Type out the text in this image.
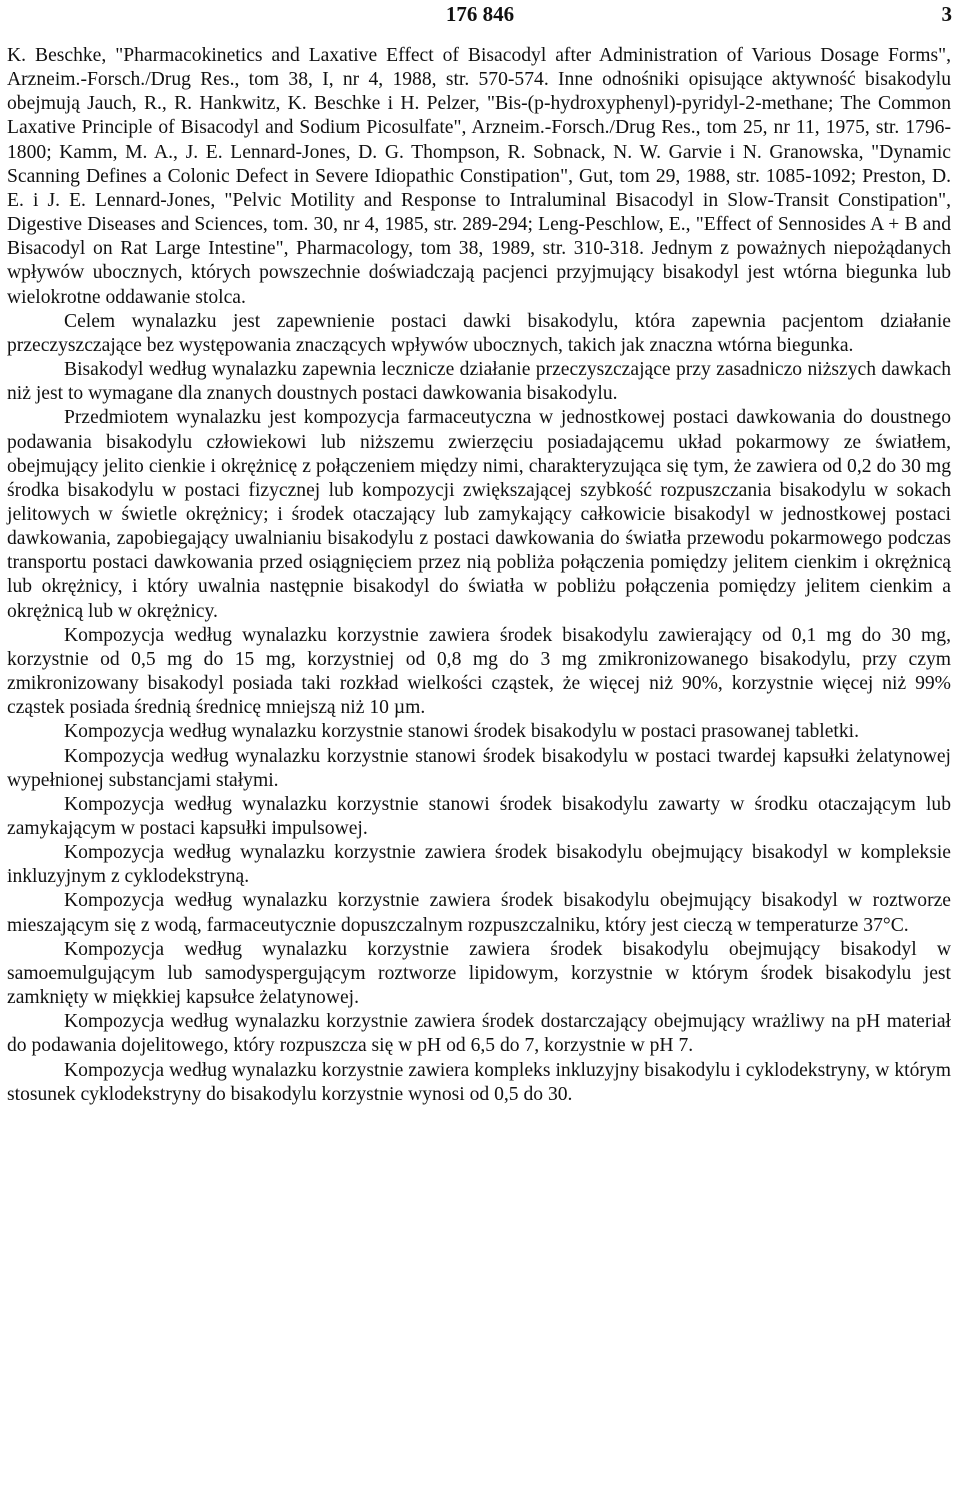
176 846	3

K. Beschke, "Pharmacokinetics and Laxative Effect of Bisacodyl after Administration of Various Dosage Forms", Arzneim.-Forsch./Drug Res., tom 38, I, nr 4, 1988, str. 570-574. Inne odnośniki opisujące aktywność bisakodylu obejmują Jauch, R., R. Hankwitz, K. Beschke i H. Pelzer, "Bis-(p-hydroxyphenyl)-pyridyl-2-methane; The Common Laxative Principle of Bisacodyl and Sodium Picosulfate", Arzneim.-Forsch./Drug Res., tom 25, nr 11, 1975, str. 1796-1800; Kamm, M. A., J. E. Lennard-Jones, D. G. Thompson, R. Sobnack, N. W. Garvie i N. Granowska, "Dynamic Scanning Defines a Colonic Defect in Severe Idiopathic Constipation", Gut, tom 29, 1988, str. 1085-1092; Preston, D. E. i J. E. Lennard-Jones, "Pelvic Motility and Response to Intraluminal Bisacodyl in Slow-Transit Constipation", Digestive Diseases and Sciences, tom. 30, nr 4, 1985, str. 289-294; Leng-Peschlow, E., "Effect of Sennosides A + B and Bisacodyl on Rat Large Intestine", Pharmacology, tom 38, 1989, str. 310-318. Jednym z poważnych niepożądanych wpływów ubocznych, których powszechnie doświadczają pacjenci przyjmujący bisakodyl jest wtórna biegunka lub wielokrotne oddawanie stolca.

Celem wynalazku jest zapewnienie postaci dawki bisakodylu, która zapewnia pacjentom działanie przeczyszczające bez występowania znaczących wpływów ubocznych, takich jak znaczna wtórna biegunka.

Bisakodyl według wynalazku zapewnia lecznicze działanie przeczyszczające przy zasadniczo niższych dawkach niż jest to wymagane dla znanych doustnych postaci dawkowania bisakodylu.

Przedmiotem wynalazku jest kompozycja farmaceutyczna w jednostkowej postaci dawkowania do doustnego podawania bisakodylu człowiekowi lub niższemu zwierzęciu posiadającemu układ pokarmowy ze światłem, obejmujący jelito cienkie i okrężnicę z połączeniem między nimi, charakteryzująca się tym, że zawiera od 0,2 do 30 mg środka bisakodylu w postaci fizycznej lub kompozycji zwiększającej szybkość rozpuszczania bisakodylu w sokach jelitowych w świetle okrężnicy; i środek otaczający lub zamykający całkowicie bisakodyl w jednostkowej postaci dawkowania, zapobiegający uwalnianiu bisakodylu z postaci dawkowania do światła przewodu pokarmowego podczas transportu postaci dawkowania przed osiągnięciem przez nią pobliża połączenia pomiędzy jelitem cienkim i okrężnicą lub okrężnicy, i który uwalnia następnie bisakodyl do światła w pobliżu połączenia pomiędzy jelitem cienkim a okrężnicą lub w okrężnicy.

Kompozycja według wynalazku korzystnie zawiera środek bisakodylu zawierający od 0,1 mg do 30 mg, korzystnie od 0,5 mg do 15 mg, korzystniej od 0,8 mg do 3 mg zmikronizowanego bisakodylu, przy czym zmikronizowany bisakodyl posiada taki rozkład wielkości cząstek, że więcej niż 90%, korzystnie więcej niż 99% cząstek posiada średnią średnicę mniejszą niż 10 µm.

Kompozycja według wynalazku korzystnie stanowi środek bisakodylu w postaci prasowanej tabletki.

Kompozycja według wynalazku korzystnie stanowi środek bisakodylu w postaci twardej kapsułki żelatynowej wypełnionej substancjami stałymi.

Kompozycja według wynalazku korzystnie stanowi środek bisakodylu zawarty w środku otaczającym lub zamykającym w postaci kapsułki impulsowej.

Kompozycja według wynalazku korzystnie zawiera środek bisakodylu obejmujący bisakodyl w kompleksie inkluzyjnym z cyklodekstryną.

Kompozycja według wynalazku korzystnie zawiera środek bisakodylu obejmujący bisakodyl w roztworze mieszającym się z wodą, farmaceutycznie dopuszczalnym rozpuszczalniku, który jest cieczą w temperaturze 37°C.

Kompozycja według wynalazku korzystnie zawiera środek bisakodylu obejmujący bisakodyl w samoemulgującym lub samodyspergującym roztworze lipidowym, korzystnie w którym środek bisakodylu jest zamknięty w miękkiej kapsułce żelatynowej.

Kompozycja według wynalazku korzystnie zawiera środek dostarczający obejmujący wrażliwy na pH materiał do podawania dojelitowego, który rozpuszcza się w pH od 6,5 do 7, korzystnie w pH 7.

Kompozycja według wynalazku korzystnie zawiera kompleks inkluzyjny bisakodylu i cyklodekstryny, w którym stosunek cyklodekstryny do bisakodylu korzystnie wynosi od 0,5 do 30.
